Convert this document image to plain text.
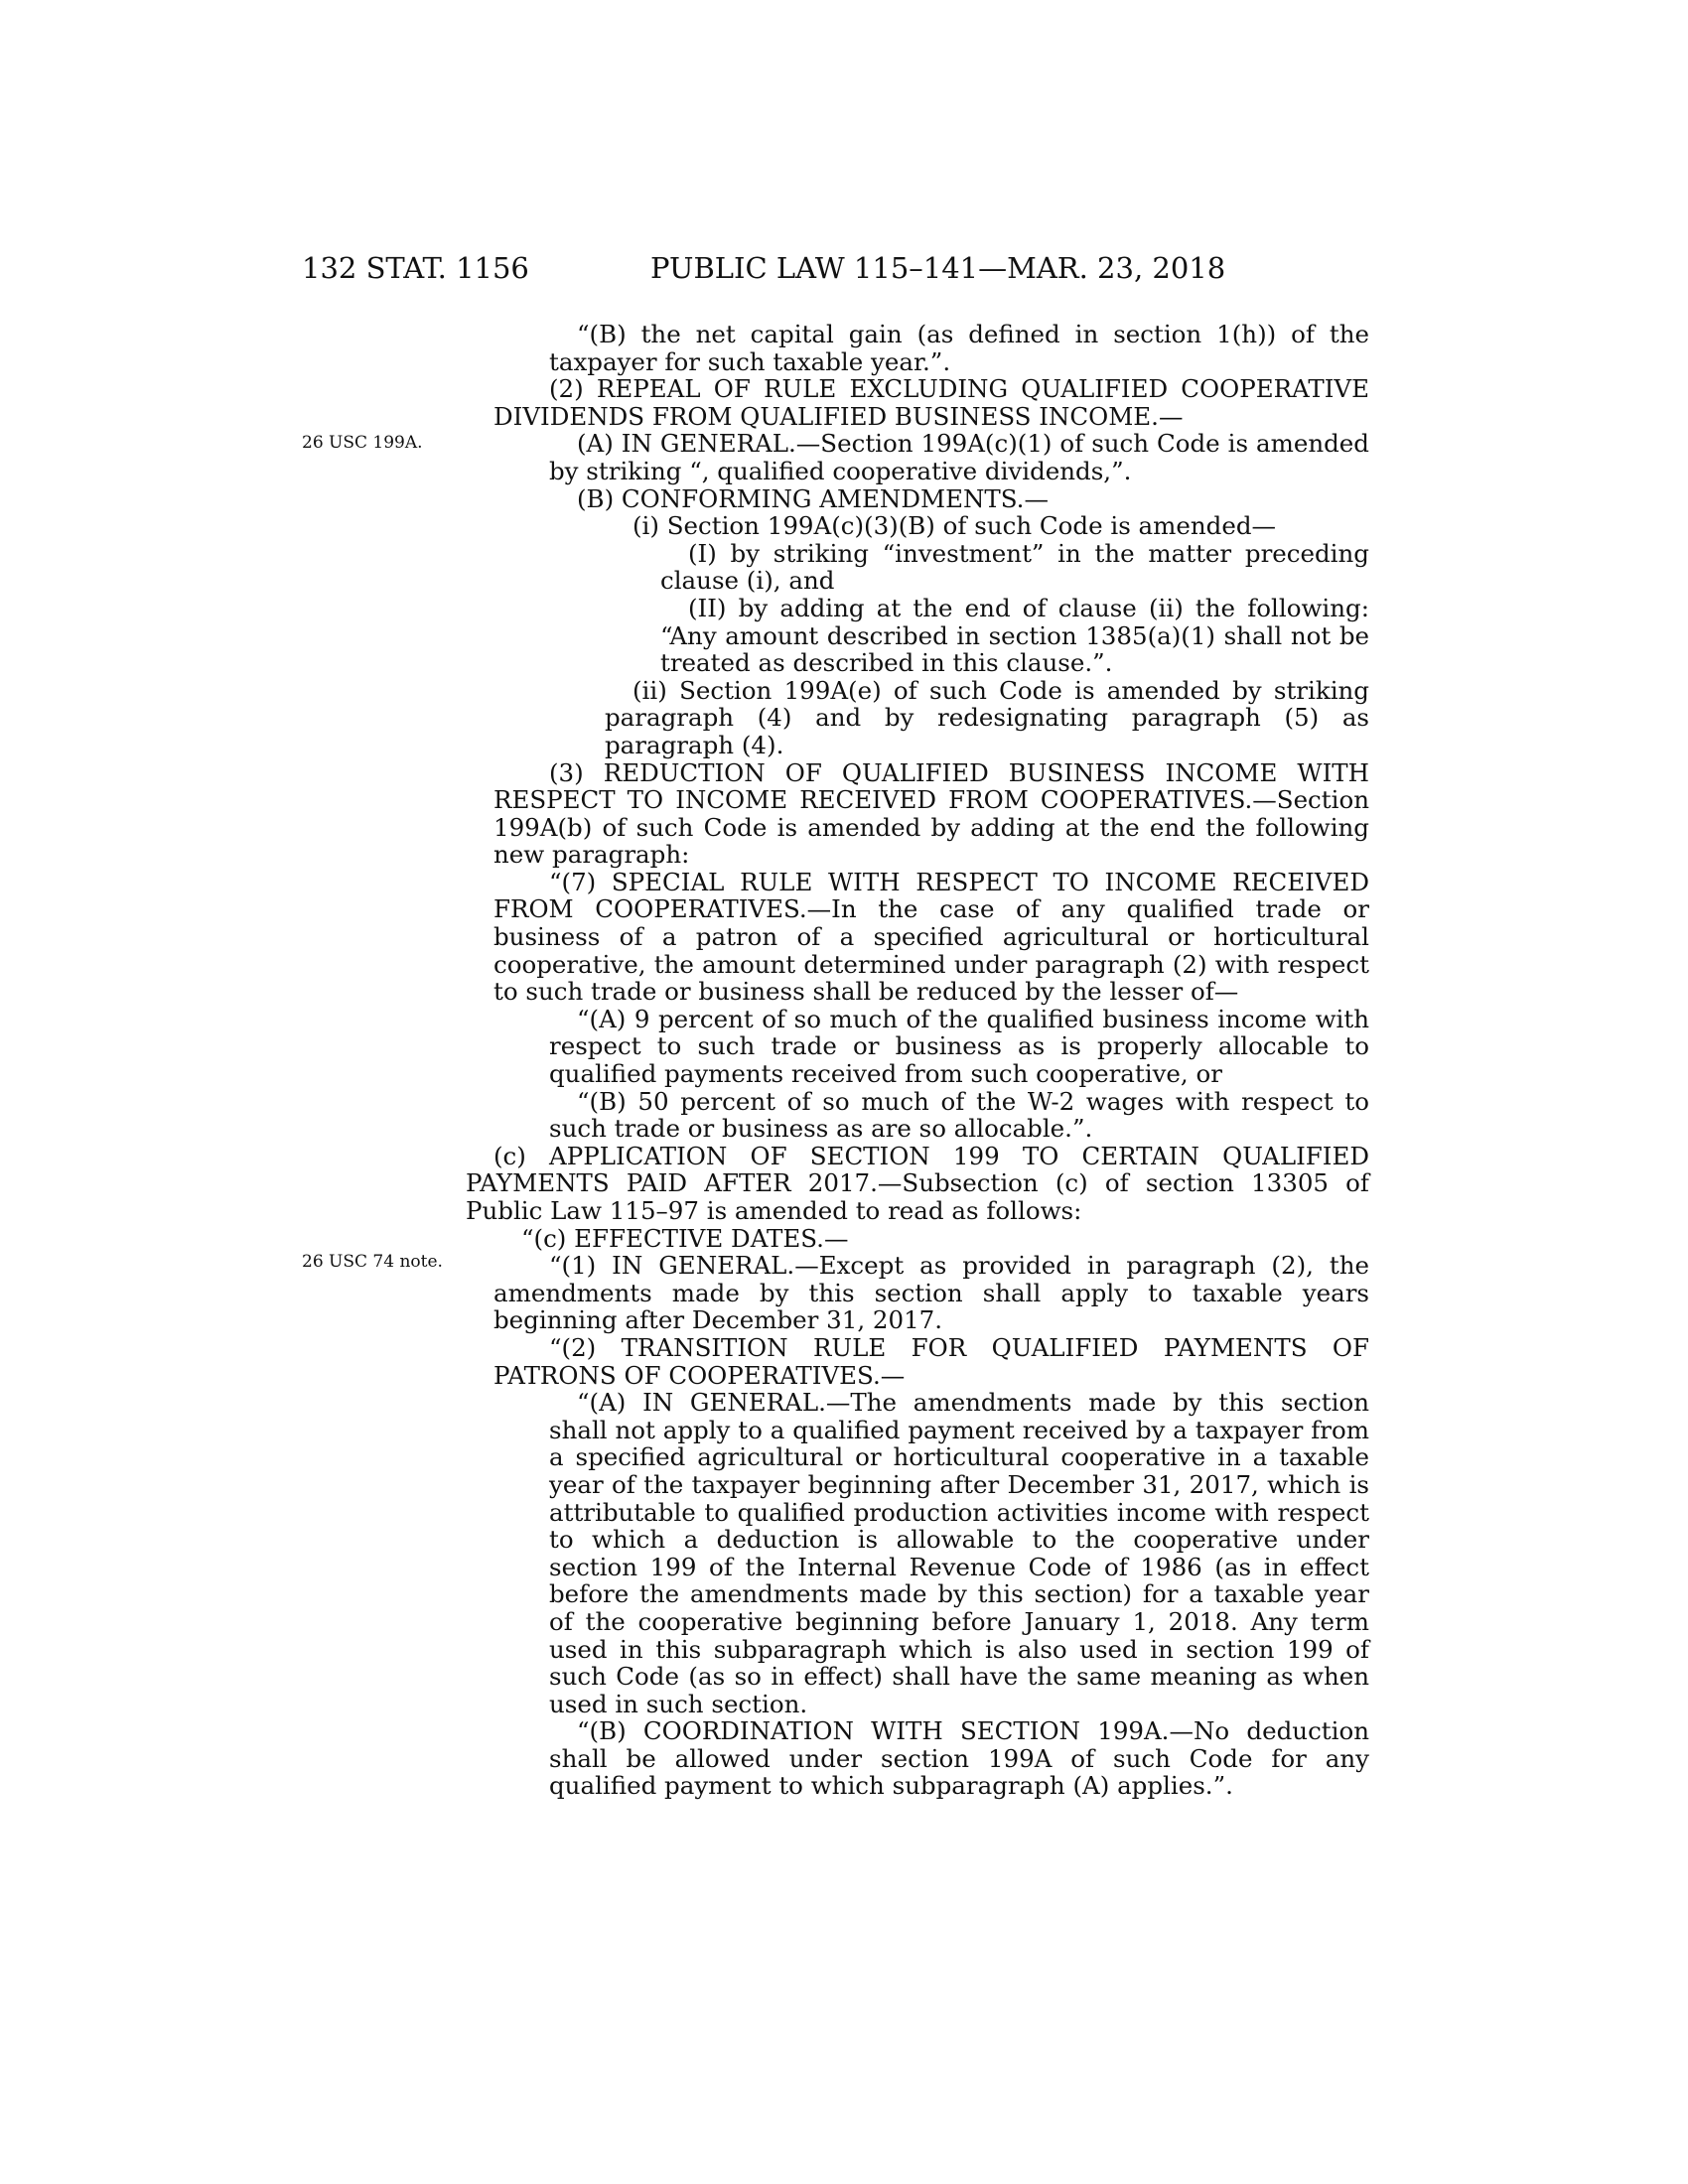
132 STAT. 1156	PUBLIC LAW 115–141—MAR. 23, 2018
26 USC 199A.
26 USC 74 note.

“(B) the net capital gain (as defined in section 1(h)) of the taxpayer for such taxable year.”.

(2) REPEAL OF RULE EXCLUDING QUALIFIED COOPERATIVE DIVIDENDS FROM QUALIFIED BUSINESS INCOME.—

(A) IN GENERAL.—Section 199A(c)(1) of such Code is amended by striking “, qualified cooperative dividends,”.

(B) CONFORMING AMENDMENTS.—

(i) Section 199A(c)(3)(B) of such Code is amended—

(I) by striking “investment” in the matter preceding clause (i), and

(II) by adding at the end of clause (ii) the following: “Any amount described in section 1385(a)(1) shall not be treated as described in this clause.”.

(ii) Section 199A(e) of such Code is amended by striking paragraph (4) and by redesignating paragraph (5) as paragraph (4).

(3) REDUCTION OF QUALIFIED BUSINESS INCOME WITH RESPECT TO INCOME RECEIVED FROM COOPERATIVES.—Section 199A(b) of such Code is amended by adding at the end the following new paragraph:

“(7) SPECIAL RULE WITH RESPECT TO INCOME RECEIVED FROM COOPERATIVES.—In the case of any qualified trade or business of a patron of a specified agricultural or horticultural cooperative, the amount determined under paragraph (2) with respect to such trade or business shall be reduced by the lesser of—

“(A) 9 percent of so much of the qualified business income with respect to such trade or business as is properly allocable to qualified payments received from such cooperative, or

“(B) 50 percent of so much of the W-2 wages with respect to such trade or business as are so allocable.”.

(c) APPLICATION OF SECTION 199 TO CERTAIN QUALIFIED PAYMENTS PAID AFTER 2017.—Subsection (c) of section 13305 of Public Law 115–97 is amended to read as follows:

“(c) EFFECTIVE DATES.—

“(1) IN GENERAL.—Except as provided in paragraph (2), the amendments made by this section shall apply to taxable years beginning after December 31, 2017.

“(2) TRANSITION RULE FOR QUALIFIED PAYMENTS OF PATRONS OF COOPERATIVES.—

“(A) IN GENERAL.—The amendments made by this section shall not apply to a qualified payment received by a taxpayer from a specified agricultural or horticultural cooperative in a taxable year of the taxpayer beginning after December 31, 2017, which is attributable to qualified production activities income with respect to which a deduction is allowable to the cooperative under section 199 of the Internal Revenue Code of 1986 (as in effect before the amendments made by this section) for a taxable year of the cooperative beginning before January 1, 2018. Any term used in this subparagraph which is also used in section 199 of such Code (as so in effect) shall have the same meaning as when used in such section.

“(B) COORDINATION WITH SECTION 199A.—No deduction shall be allowed under section 199A of such Code for any qualified payment to which subparagraph (A) applies.”.
